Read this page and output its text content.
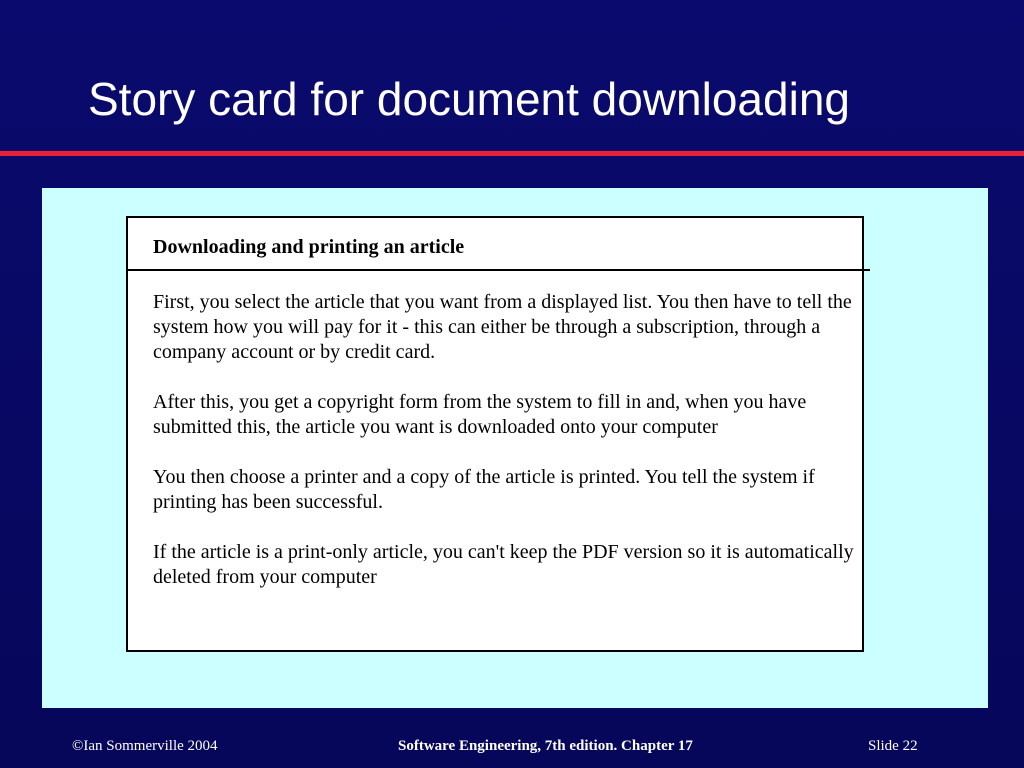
Story card for document downloading
Downloading and printing an article

First, you select the article that you want from a displayed list. You then have to tell the system how you will pay for it - this can either be through a subscription, through a company account or by credit card.

After this, you get a copyright form from the system to fill in and, when you have submitted this, the article you want is downloaded onto your computer

You then choose a printer and a copy of the article is printed. You tell the system if printing has been successful.

If the article is a print-only article, you can't keep the PDF version so it is automatically deleted from your computer

©Ian Sommerville 2004	Software Engineering, 7th edition. Chapter 17	Slide 22
